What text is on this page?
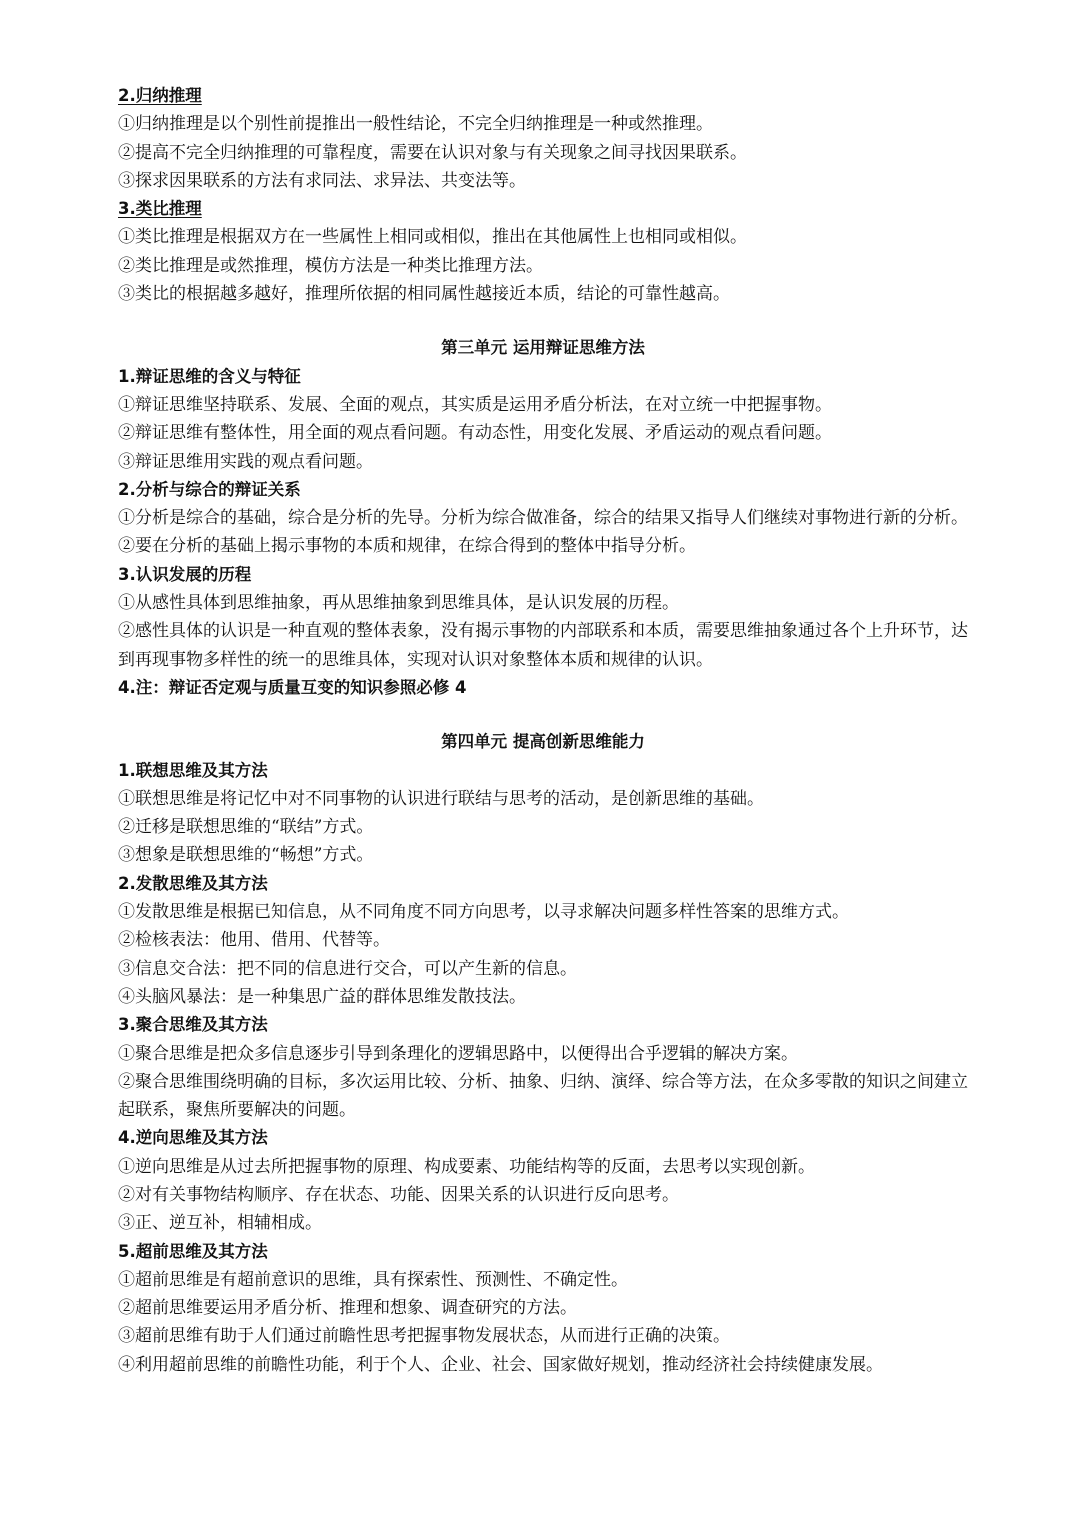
2.归纳推理

①归纳推理是以个别性前提推出一般性结论，不完全归纳推理是一种或然推理。

②提高不完全归纳推理的可靠程度，需要在认识对象与有关现象之间寻找因果联系。

③探求因果联系的方法有求同法、求异法、共变法等。

3.类比推理

①类比推理是根据双方在一些属性上相同或相似，推出在其他属性上也相同或相似。

②类比推理是或然推理，模仿方法是一种类比推理方法。

③类比的根据越多越好，推理所依据的相同属性越接近本质，结论的可靠性越高。

第三单元 运用辩证思维方法

1.辩证思维的含义与特征

①辩证思维坚持联系、发展、全面的观点，其实质是运用矛盾分析法，在对立统一中把握事物。

②辩证思维有整体性，用全面的观点看问题。有动态性，用变化发展、矛盾运动的观点看问题。

③辩证思维用实践的观点看问题。

2.分析与综合的辩证关系

①分析是综合的基础，综合是分析的先导。分析为综合做准备，综合的结果又指导人们继续对事物进行新的分析。

②要在分析的基础上揭示事物的本质和规律，在综合得到的整体中指导分析。

3.认识发展的历程

①从感性具体到思维抽象，再从思维抽象到思维具体，是认识发展的历程。

②感性具体的认识是一种直观的整体表象，没有揭示事物的内部联系和本质，需要思维抽象通过各个上升环节，达到再现事物多样性的统一的思维具体，实现对认识对象整体本质和规律的认识。

4.注：辩证否定观与质量互变的知识参照必修 4

第四单元 提高创新思维能力

1.联想思维及其方法

①联想思维是将记忆中对不同事物的认识进行联结与思考的活动，是创新思维的基础。

②迁移是联想思维的“联结”方式。

③想象是联想思维的“畅想”方式。

2.发散思维及其方法

①发散思维是根据已知信息，从不同角度不同方向思考，以寻求解决问题多样性答案的思维方式。

②检核表法：他用、借用、代替等。

③信息交合法：把不同的信息进行交合，可以产生新的信息。

④头脑风暴法：是一种集思广益的群体思维发散技法。

3.聚合思维及其方法

①聚合思维是把众多信息逐步引导到条理化的逻辑思路中，以便得出合乎逻辑的解决方案。

②聚合思维围绕明确的目标，多次运用比较、分析、抽象、归纳、演绎、综合等方法，在众多零散的知识之间建立起联系，聚焦所要解决的问题。

4.逆向思维及其方法

①逆向思维是从过去所把握事物的原理、构成要素、功能结构等的反面，去思考以实现创新。

②对有关事物结构顺序、存在状态、功能、因果关系的认识进行反向思考。

③正、逆互补，相辅相成。

5.超前思维及其方法

①超前思维是有超前意识的思维，具有探索性、预测性、不确定性。

②超前思维要运用矛盾分析、推理和想象、调查研究的方法。

③超前思维有助于人们通过前瞻性思考把握事物发展状态，从而进行正确的决策。

④利用超前思维的前瞻性功能，利于个人、企业、社会、国家做好规划，推动经济社会持续健康发展。
